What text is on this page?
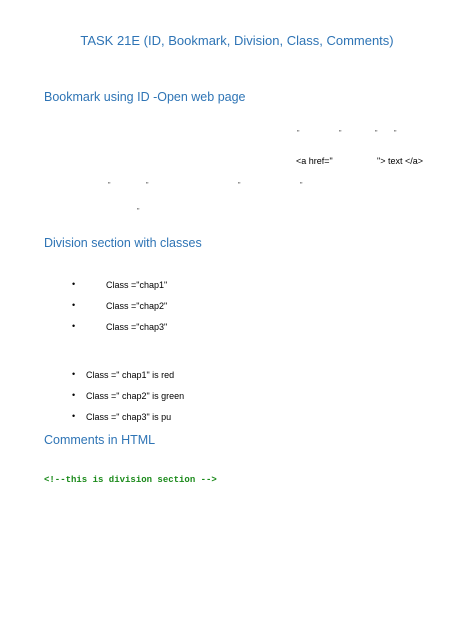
TASK 21E (ID, Bookmark, Division, Class, Comments)
Bookmark using ID -Open web page
"	"	" "
<a href="	"> text </a>
"	"	"	"
"
Division section with classes
•	Class ="chap1"
•	Class ="chap2"
•	Class ="chap3"
• Class =" chap1" is red
• Class =" chap2" is green
• Class =" chap3" is pu
Comments in HTML
<!--this is division section -->
